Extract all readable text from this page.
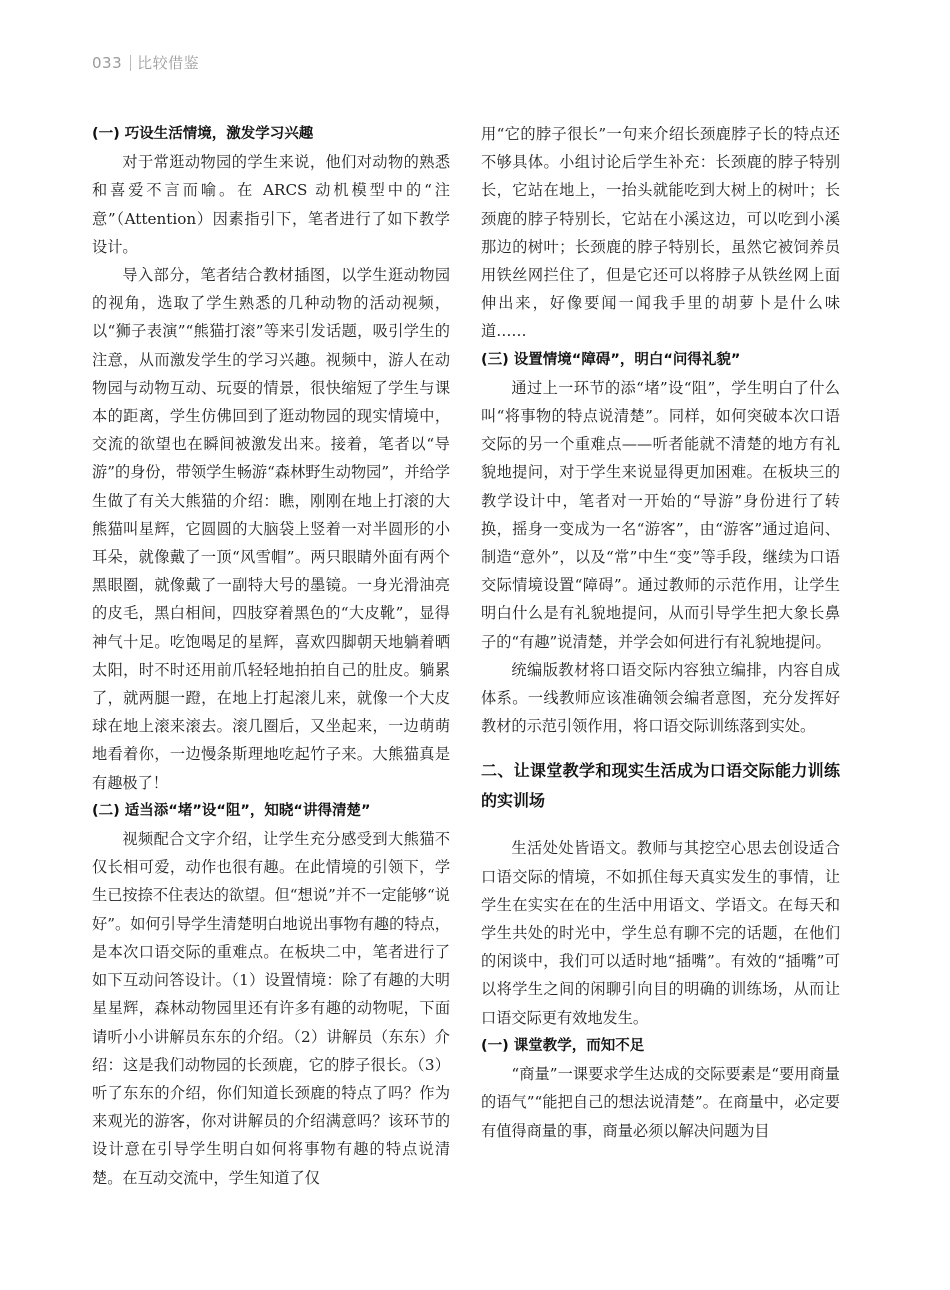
033 比较借鉴
(一) 巧设生活情境，激发学习兴趣

对于常逛动物园的学生来说，他们对动物的熟悉和喜爱不言而喻。在 ARCS 动机模型中的“注意”（Attention）因素指引下，笔者进行了如下教学设计。

导入部分，笔者结合教材插图，以学生逛动物园的视角，选取了学生熟悉的几种动物的活动视频，以“狮子表演”“熊猫打滚”等来引发话题，吸引学生的注意，从而激发学生的学习兴趣。视频中，游人在动物园与动物互动、玩耍的情景，很快缩短了学生与课本的距离，学生仿佛回到了逛动物园的现实情境中，交流的欲望也在瞬间被激发出来。接着，笔者以“导游”的身份，带领学生畅游“森林野生动物园”，并给学生做了有关大熊猫的介绍：瞧，刚刚在地上打滚的大熊猫叫星辉，它圆圆的大脑袋上竖着一对半圆形的小耳朵，就像戴了一顶“风雪帽”。两只眼睛外面有两个黑眼圈，就像戴了一副特大号的墨镜。一身光滑油亮的皮毛，黑白相间，四肢穿着黑色的“大皮靴”，显得神气十足。吃饱喝足的星辉，喜欢四脚朝天地躺着晒太阳，时不时还用前爪轻轻地拍拍自己的肚皮。躺累了，就两腿一蹬，在地上打起滚儿来，就像一个大皮球在地上滚来滚去。滚几圈后，又坐起来，一边萌萌地看着你，一边慢条斯理地吃起竹子来。大熊猫真是有趣极了！

(二) 适当添“堵”设“阻”，知晓“讲得清楚”

视频配合文字介绍，让学生充分感受到大熊猫不仅长相可爱，动作也很有趣。在此情境的引领下，学生已按捺不住表达的欲望。但“想说”并不一定能够“说好”。如何引导学生清楚明白地说出事物有趣的特点，是本次口语交际的重难点。在板块二中，笔者进行了如下互动问答设计。（1）设置情境：除了有趣的大明星星辉，森林动物园里还有许多有趣的动物呢，下面请听小小讲解员东东的介绍。（2）讲解员（东东）介绍：这是我们动物园的长颈鹿，它的脖子很长。（3）听了东东的介绍，你们知道长颈鹿的特点了吗？作为来观光的游客，你对讲解员的介绍满意吗？该环节的设计意在引导学生明白如何将事物有趣的特点说清楚。在互动交流中，学生知道了仅

用“它的脖子很长”一句来介绍长颈鹿脖子长的特点还不够具体。小组讨论后学生补充：长颈鹿的脖子特别长，它站在地上，一抬头就能吃到大树上的树叶；长颈鹿的脖子特别长，它站在小溪这边，可以吃到小溪那边的树叶；长颈鹿的脖子特别长，虽然它被饲养员用铁丝网拦住了，但是它还可以将脖子从铁丝网上面伸出来，好像要闻一闻我手里的胡萝卜是什么味道……

(三) 设置情境“障碍”，明白“问得礼貌”

通过上一环节的添“堵”设“阻”，学生明白了什么叫“将事物的特点说清楚”。同样，如何突破本次口语交际的另一个重难点——听者能就不清楚的地方有礼貌地提问，对于学生来说显得更加困难。在板块三的教学设计中，笔者对一开始的“导游”身份进行了转换，摇身一变成为一名“游客”，由“游客”通过追问、制造“意外”，以及“常”中生“变”等手段，继续为口语交际情境设置“障碍”。通过教师的示范作用，让学生明白什么是有礼貌地提问，从而引导学生把大象长鼻子的“有趣”说清楚，并学会如何进行有礼貌地提问。

统编版教材将口语交际内容独立编排，内容自成体系。一线教师应该准确领会编者意图，充分发挥好教材的示范引领作用，将口语交际训练落到实处。

二、让课堂教学和现实生活成为口语交际能力训练的实训场

生活处处皆语文。教师与其挖空心思去创设适合口语交际的情境，不如抓住每天真实发生的事情，让学生在实实在在的生活中用语文、学语文。在每天和学生共处的时光中，学生总有聊不完的话题，在他们的闲谈中，我们可以适时地“插嘴”。有效的“插嘴”可以将学生之间的闲聊引向目的明确的训练场，从而让口语交际更有效地发生。

(一) 课堂教学，而知不足

“商量”一课要求学生达成的交际要素是“要用商量的语气”“能把自己的想法说清楚”。在商量中，必定要有值得商量的事，商量必须以解决问题为目
